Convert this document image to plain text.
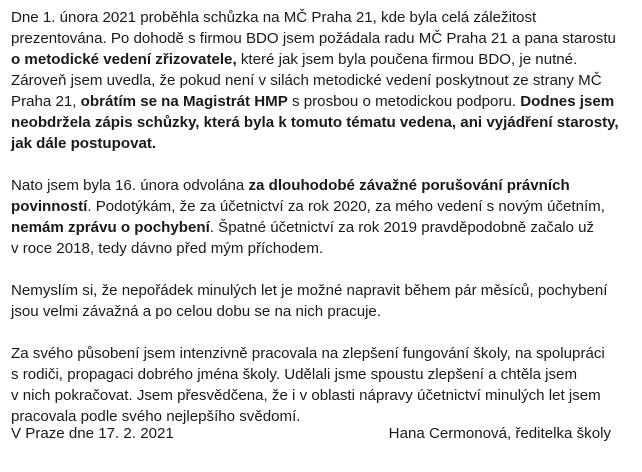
Dne 1. února 2021 proběhla schůzka na MČ Praha 21, kde byla celá záležitost
prezentována. Po dohodě s firmou BDO jsem požádala radu MČ Praha 21 a pana starostu
o metodické vedení zřizovatele, které jak jsem byla poučena firmou BDO, je nutné.
Zároveň jsem uvedla, že pokud není v silách metodické vedení poskytnout ze strany MČ
Praha 21, obrátím se na Magistrát HMP s prosbou o metodickou podporu. Dodnes jsem
neobdržela zápis schůzky, která byla k tomuto tématu vedena, ani vyjádření starosty,
jak dále postupovat.
Nato jsem byla 16. února odvolána za dlouhodobé závažné porušování právních
povinností. Podotýkám, že za účetnictví za rok 2020, za mého vedení s novým účetním,
nemám zprávu o pochybení. Špatné účetnictví za rok 2019 pravděpodobně začalo už
v roce 2018, tedy dávno před mým příchodem.
Nemyslím si, že nepořádek minulých let je možné napravit během pár měsíců, pochybení
jsou velmi závažná a po celou dobu se na nich pracuje.
Za svého působení jsem intenzivně pracovala na zlepšení fungování školy, na spolupráci
s rodiči, propagaci dobrého jména školy. Udělali jsme spoustu zlepšení a chtěla jsem
v nich pokračovat. Jsem přesvědčena, že i v oblasti nápravy účetnictví minulých let jsem
pracovala podle svého nejlepšího svědomí.
V Praze dne 17. 2. 2021	Hana Cermonová, ředitelka školy
